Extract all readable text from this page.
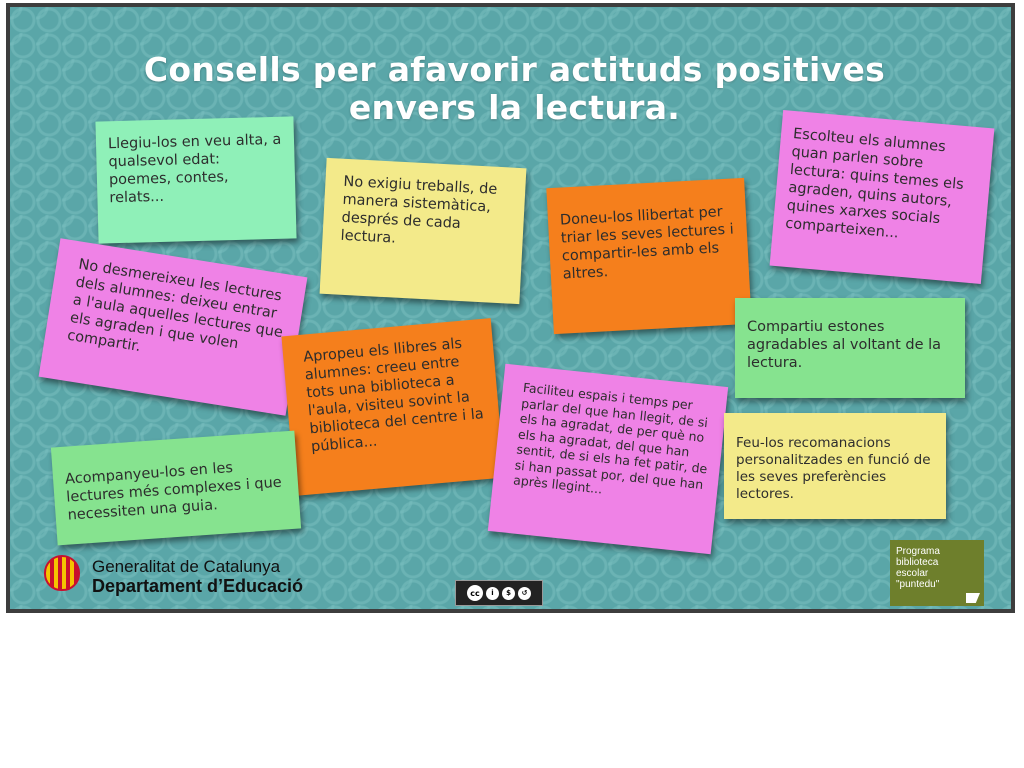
Consells per afavorir actituds positives
envers la lectura.

Llegiu-los en veu alta, a qualsevol edat: poemes, contes, relats...	No exigiu treballs, de manera sistemàtica, després de cada lectura.

Doneu-los llibertat per triar les seves lectures i compartir-les amb els altres.

Escolteu els alumnes quan parlen sobre lectura: quins temes els agraden, quins autors, quines xarxes socials comparteixen...

No desmereixeu les lectures dels alumnes: deixeu entrar a l'aula aquelles lectures que els agraden i que volen compartir.	Apropeu els llibres als alumnes: creeu entre tots una biblioteca a l'aula, visiteu sovint la biblioteca del centre i la pública...

Compartiu estones agradables al voltant de la lectura.

Faciliteu espais i temps per parlar del que han llegit, de si els ha agradat, de per què no els ha agradat, del que han sentit, de si els ha fet patir, de si han passat por, del que han après llegint...

Acompanyeu-los en les lectures més complexes i que necessiten una guia.

Feu-los recomanacions personalitzades en funció de les seves preferències lectores.

Generalitat de Catalunya
Departament d’Educació	cc	i	$	↺
Programa
biblioteca
escolar
"puntedu"
